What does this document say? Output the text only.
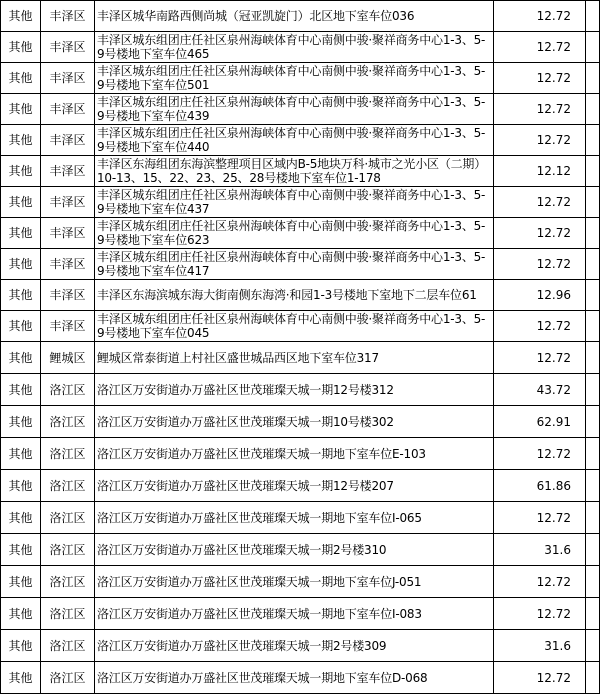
其他	丰泽区	丰泽区城华南路西侧尚城（冠亚凯旋门）北区地下室车位036	12.72	
其他	丰泽区	丰泽区城东组团庄任社区泉州海峡体育中心南侧中骏·聚祥商务中心1-3、5-9号楼地下室车位465	12.72	
其他	丰泽区	丰泽区城东组团庄任社区泉州海峡体育中心南侧中骏·聚祥商务中心1-3、5-9号楼地下室车位501	12.72	
其他	丰泽区	丰泽区城东组团庄任社区泉州海峡体育中心南侧中骏·聚祥商务中心1-3、5-9号楼地下室车位439	12.72	
其他	丰泽区	丰泽区城东组团庄任社区泉州海峡体育中心南侧中骏·聚祥商务中心1-3、5-9号楼地下室车位440	12.72	
其他	丰泽区	丰泽区东海组团东海滨整理项目区域内B-5地块万科·城市之光小区（二期）10-13、15、22、23、25、28号楼地下室车位1-178	12.12	
其他	丰泽区	丰泽区城东组团庄任社区泉州海峡体育中心南侧中骏·聚祥商务中心1-3、5-9号楼地下室车位437	12.72	
其他	丰泽区	丰泽区城东组团庄任社区泉州海峡体育中心南侧中骏·聚祥商务中心1-3、5-9号楼地下室车位623	12.72	
其他	丰泽区	丰泽区城东组团庄任社区泉州海峡体育中心南侧中骏·聚祥商务中心1-3、5-9号楼地下室车位417	12.72	
其他	丰泽区	丰泽区东海滨城东海大街南侧东海湾·和园1-3号楼地下室地下二层车位61	12.96	
其他	丰泽区	丰泽区城东组团庄任社区泉州海峡体育中心南侧中骏·聚祥商务中心1-3、5-9号楼地下室车位045	12.72	
其他	鲤城区	鲤城区常泰街道上村社区盛世城品西区地下室车位317	12.72	
其他	洛江区	洛江区万安街道办万盛社区世茂璀璨天城一期12号楼312	43.72	
其他	洛江区	洛江区万安街道办万盛社区世茂璀璨天城一期10号楼302	62.91	
其他	洛江区	洛江区万安街道办万盛社区世茂璀璨天城一期地下室车位E-103	12.72	
其他	洛江区	洛江区万安街道办万盛社区世茂璀璨天城一期12号楼207	61.86	
其他	洛江区	洛江区万安街道办万盛社区世茂璀璨天城一期地下室车位I-065	12.72	
其他	洛江区	洛江区万安街道办万盛社区世茂璀璨天城一期2号楼310	31.6	
其他	洛江区	洛江区万安街道办万盛社区世茂璀璨天城一期地下室车位J-051	12.72	
其他	洛江区	洛江区万安街道办万盛社区世茂璀璨天城一期地下室车位I-083	12.72	
其他	洛江区	洛江区万安街道办万盛社区世茂璀璨天城一期2号楼309	31.6	
其他	洛江区	洛江区万安街道办万盛社区世茂璀璨天城一期地下室车位D-068	12.72	
